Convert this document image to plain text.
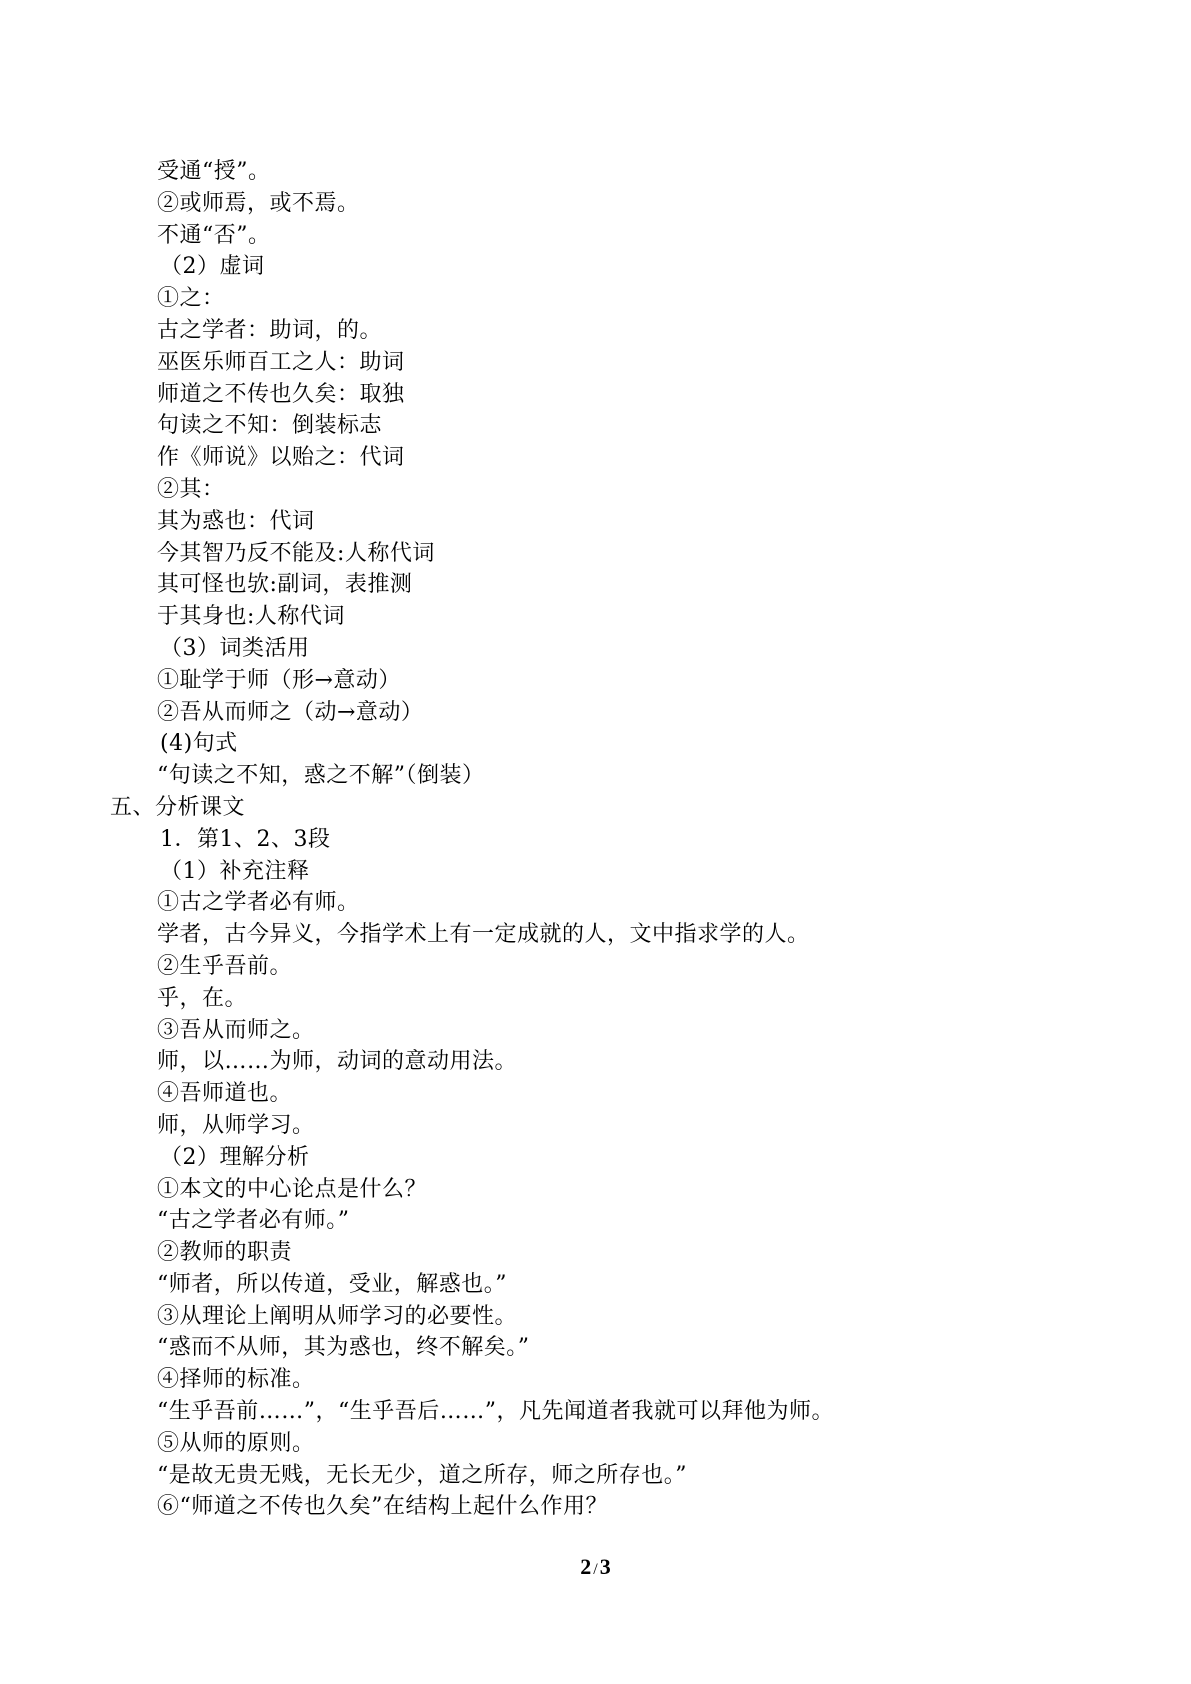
受通“授”。
②或师焉，或不焉。
不通“否”。
（2）虚词
①之：
古之学者：助词，的。
巫医乐师百工之人：助词
师道之不传也久矣：取独
句读之不知：倒装标志
作《师说》以贻之：代词
②其：
其为惑也：代词
今其智乃反不能及:人称代词
其可怪也欤:副词，表推测
于其身也:人称代词
（3）词类活用
①耻学于师（形→意动）
②吾从而师之（动→意动）
(4)句式
“句读之不知，惑之不解”（倒装）
五、分析课文
1．第1、2、3段
（1）补充注释
①古之学者必有师。
学者，古今异义，今指学术上有一定成就的人，文中指求学的人。
②生乎吾前。
乎，在。
③吾从而师之。
师，以……为师，动词的意动用法。
④吾师道也。
师，从师学习。
（2）理解分析
①本文的中心论点是什么？
“古之学者必有师。”
②教师的职责
“师者，所以传道，受业，解惑也。”
③从理论上阐明从师学习的必要性。
“惑而不从师，其为惑也，终不解矣。”
④择师的标准。
“生乎吾前……”，“生乎吾后……”，凡先闻道者我就可以拜他为师。
⑤从师的原则。
“是故无贵无贱，无长无少，道之所存，师之所存也。”
⑥“师道之不传也久矣”在结构上起什么作用？
2 /3
